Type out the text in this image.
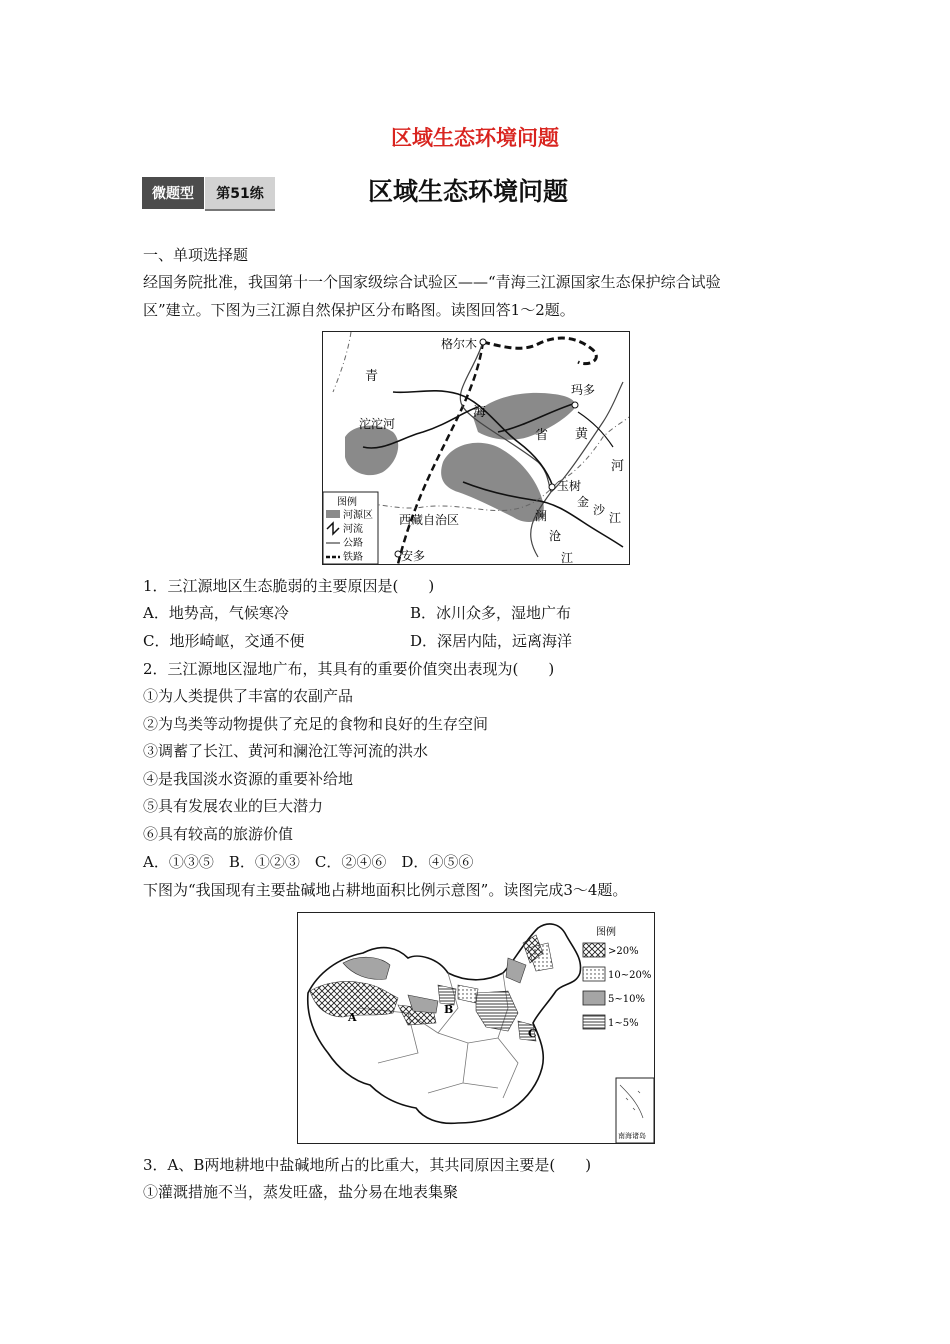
区域生态环境问题
微题型	第51练	区域生态环境问题
一、单项选择题
经国务院批准，我国第十一个国家级综合试验区——“青海三江源国家生态保护综合试验
区”建立。下图为三江源自然保护区分布略图。读图回答1～2题。
格尔木
青
海
省
沱沱河
玛多
黄
河
玉树
金
沙
江
澜
沧
江
西藏自治区
安多
图例
河源区
河流
公路
铁路
1．三江源地区生态脆弱的主要原因是(　　)
A．地势高，气候寒冷	B．冰川众多，湿地广布
C．地形崎岖，交通不便	D．深居内陆，远离海洋
2．三江源地区湿地广布，其具有的重要价值突出表现为(　　)
①为人类提供了丰富的农副产品
②为鸟类等动物提供了充足的食物和良好的生存空间
③调蓄了长江、黄河和澜沧江等河流的洪水
④是我国淡水资源的重要补给地
⑤具有发展农业的巨大潜力
⑥具有较高的旅游价值
A．①③⑤　B．①②③　C．②④⑥　D．④⑤⑥
下图为“我国现有主要盐碱地占耕地面积比例示意图”。读图完成3～4题。
A
B
C
图例
>20%
10~20%
5~10%
1~5%
南海诸岛
3．A、B两地耕地中盐碱地所占的比重大，其共同原因主要是(　　)
①灌溉措施不当，蒸发旺盛，盐分易在地表集聚
